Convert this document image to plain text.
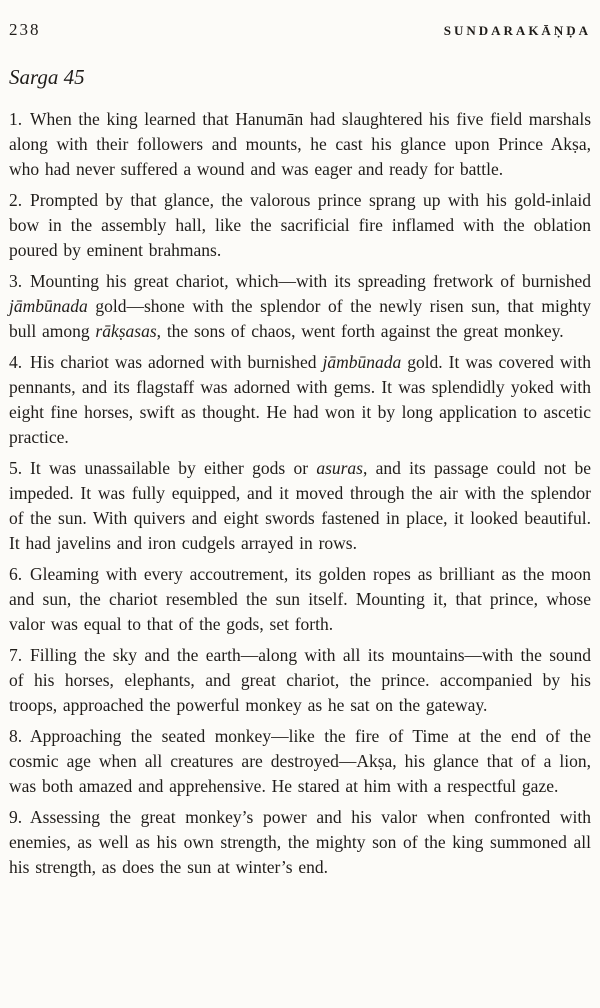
238	SUNDARAKĀṆḌA
Sarga 45

1. When the king learned that Hanumān had slaughtered his five field marshals along with their followers and mounts, he cast his glance upon Prince Akṣa, who had never suffered a wound and was eager and ready for battle.

2. Prompted by that glance, the valorous prince sprang up with his gold-inlaid bow in the assembly hall, like the sacrificial fire inflamed with the oblation poured by eminent brahmans.

3. Mounting his great chariot, which—with its spreading fretwork of burnished jāmbūnada gold—shone with the splendor of the newly risen sun, that mighty bull among rākṣasas, the sons of chaos, went forth against the great monkey.

4. His chariot was adorned with burnished jāmbūnada gold. It was covered with pennants, and its flagstaff was adorned with gems. It was splendidly yoked with eight fine horses, swift as thought. He had won it by long application to ascetic practice.

5. It was unassailable by either gods or asuras, and its passage could not be impeded. It was fully equipped, and it moved through the air with the splendor of the sun. With quivers and eight swords fastened in place, it looked beautiful. It had javelins and iron cudgels arrayed in rows.

6. Gleaming with every accoutrement, its golden ropes as brilliant as the moon and sun, the chariot resembled the sun itself. Mounting it, that prince, whose valor was equal to that of the gods, set forth.

7. Filling the sky and the earth—along with all its mountains—with the sound of his horses, elephants, and great chariot, the prince. accompanied by his troops, approached the powerful monkey as he sat on the gateway.

8. Approaching the seated monkey—like the fire of Time at the end of the cosmic age when all creatures are destroyed—Akṣa, his glance that of a lion, was both amazed and apprehensive. He stared at him with a respectful gaze.

9. Assessing the great monkey’s power and his valor when confronted with enemies, as well as his own strength, the mighty son of the king summoned all his strength, as does the sun at winter’s end.
